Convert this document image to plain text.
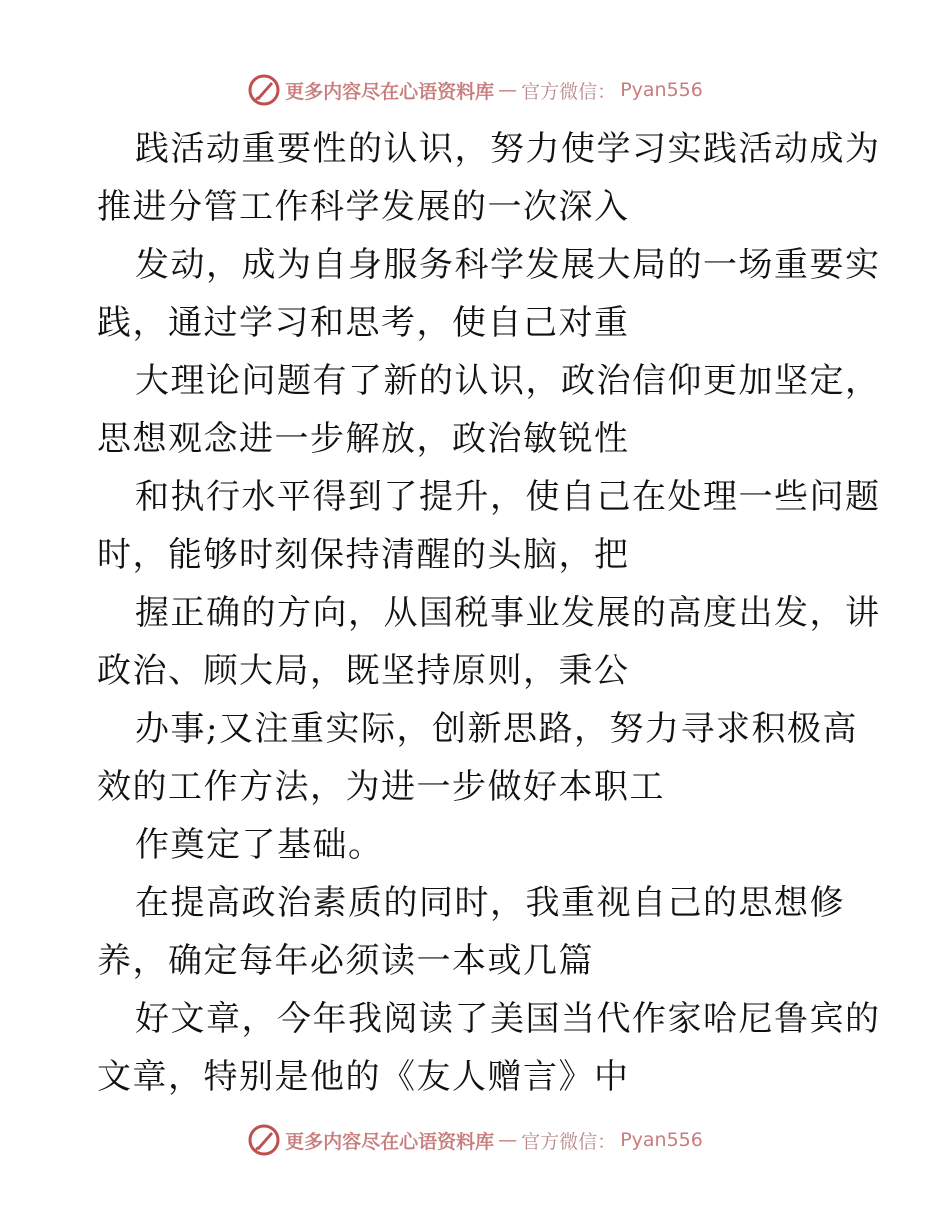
更多内容尽在心语资料库 — 官方微信： Pyan556
践活动重要性的认识，努力使学习实践活动成为
推进分管工作科学发展的一次深入
发动，成为自身服务科学发展大局的一场重要实
践，通过学习和思考，使自己对重
大理论问题有了新的认识，政治信仰更加坚定，
思想观念进一步解放，政治敏锐性
和执行水平得到了提升，使自己在处理一些问题
时，能够时刻保持清醒的头脑，把
握正确的方向，从国税事业发展的高度出发，讲
政治、顾大局，既坚持原则，秉公
办事;又注重实际，创新思路，努力寻求积极高
效的工作方法，为进一步做好本职工
作奠定了基础。
在提高政治素质的同时，我重视自己的思想修
养，确定每年必须读一本或几篇
好文章，今年我阅读了美国当代作家哈尼鲁宾的
文章，特别是他的《友人赠言》中
更多内容尽在心语资料库 — 官方微信： Pyan556
